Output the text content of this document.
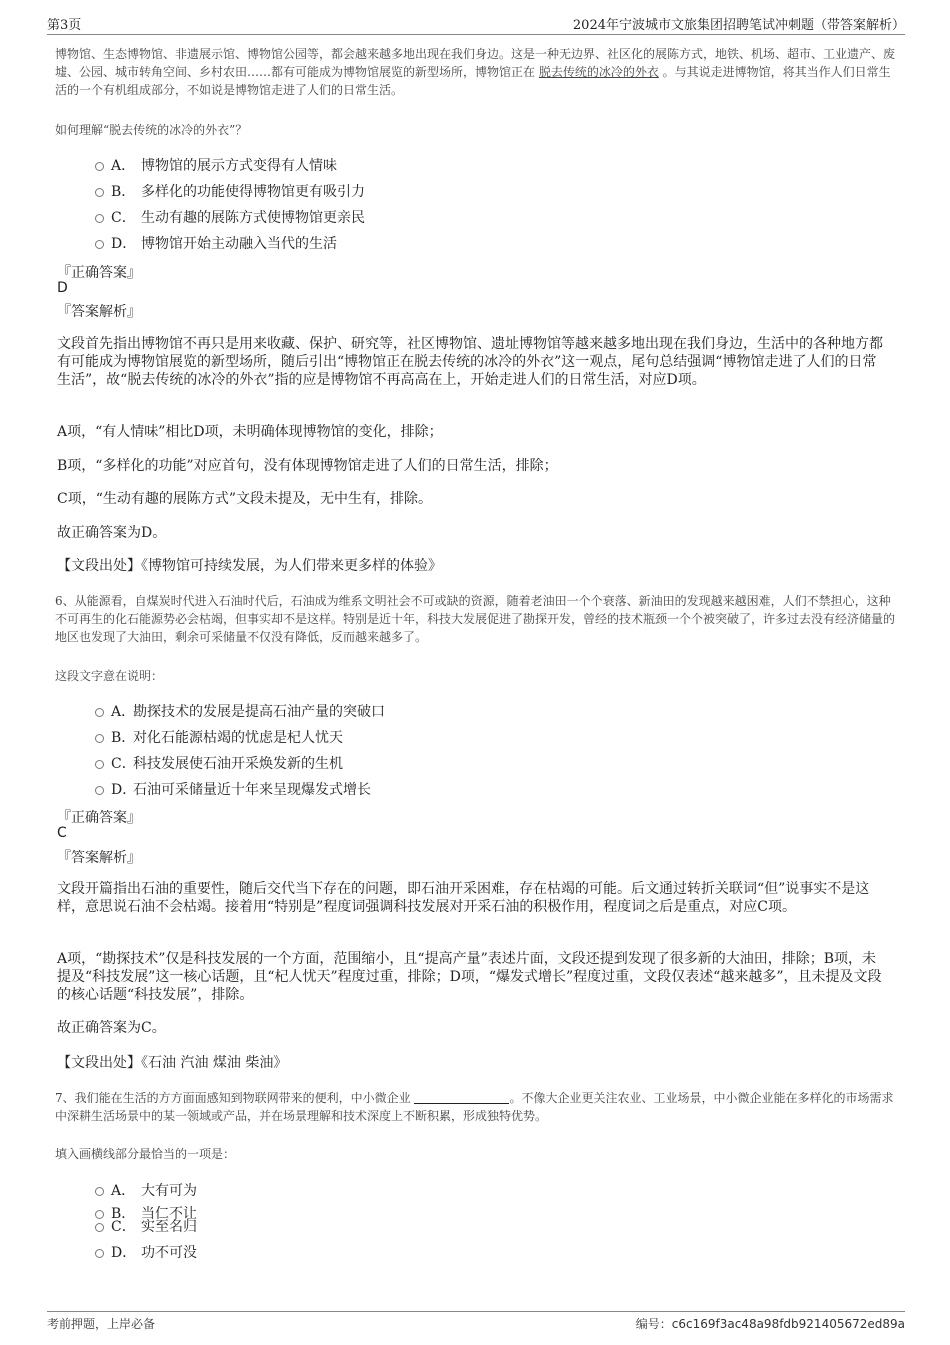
第3页	2024年宁波城市文旅集团招聘笔试冲刺题（带答案解析）

博物馆、生态博物馆、非遗展示馆、博物馆公园等，都会越来越多地出现在我们身边。这是一种无边界、社区化的展陈方式，地铁、机场、超市、工业遗产、废墟、公园、城市转角空间、乡村农田……都有可能成为博物馆展览的新型场所，博物馆正在 脱去传统的冰冷的外衣 。与其说走进博物馆，将其当作人们日常生活的一个有机组成部分，不如说是博物馆走进了人们的日常生活。

如何理解“脱去传统的冰冷的外衣”？
A． 博物馆的展示方式变得有人情味
B． 多样化的功能使得博物馆更有吸引力
C． 生动有趣的展陈方式使博物馆更亲民
D． 博物馆开始主动融入当代的生活
『正确答案』
D
『答案解析』

文段首先指出博物馆不再只是用来收藏、保护、研究等，社区博物馆、遗址博物馆等越来越多地出现在我们身边，生活中的各种地方都有可能成为博物馆展览的新型场所，随后引出“博物馆正在脱去传统的冰冷的外衣”这一观点，尾句总结强调“博物馆走进了人们的日常生活”，故“脱去传统的冰冷的外衣”指的应是博物馆不再高高在上，开始走进人们的日常生活，对应D项。

A项，“有人情味”相比D项，未明确体现博物馆的变化，排除；

B项，“多样化的功能”对应首句，没有体现博物馆走进了人们的日常生活，排除；

C项，“生动有趣的展陈方式”文段未提及，无中生有，排除。

故正确答案为D。

【文段出处】《博物馆可持续发展，为人们带来更多样的体验》

6、从能源看，自煤炭时代进入石油时代后，石油成为维系文明社会不可或缺的资源，随着老油田一个个衰落、新油田的发现越来越困难，人们不禁担心，这种不可再生的化石能源势必会枯竭，但事实却不是这样。特别是近十年，科技大发展促进了勘探开发，曾经的技术瓶颈一个个被突破了，许多过去没有经济储量的地区也发现了大油田，剩余可采储量不仅没有降低，反而越来越多了。

这段文字意在说明：
A．勘探技术的发展是提高石油产量的突破口
B．对化石能源枯竭的忧虑是杞人忧天
C．科技发展使石油开采焕发新的生机
D．石油可采储量近十年来呈现爆发式增长
『正确答案』
C
『答案解析』

文段开篇指出石油的重要性，随后交代当下存在的问题，即石油开采困难，存在枯竭的可能。后文通过转折关联词“但”说事实不是这样，意思说石油不会枯竭。接着用“特别是”程度词强调科技发展对开采石油的积极作用，程度词之后是重点，对应C项。

A项，“勘探技术”仅是科技发展的一个方面，范围缩小，且“提高产量”表述片面，文段还提到发现了很多新的大油田，排除；B项，未提及“科技发展”这一核心话题，且“杞人忧天”程度过重，排除；D项，“爆发式增长”程度过重，文段仅表述“越来越多”，且未提及文段的核心话题“科技发展”，排除。

故正确答案为C。

【文段出处】《石油 汽油 煤油 柴油》

7、我们能在生活的方方面面感知到物联网带来的便利，中小微企业	。不像大企业更关注农业、工业场景，中小微企业能在多样化的市场需求中深耕生活场景中的某一领域或产品，并在场景理解和技术深度上不断积累，形成独特优势。

填入画横线部分最恰当的一项是：
A． 大有可为
B． 当仁不让
C． 实至名归
D． 功不可没
考前押题，上岸必备	编号：c6c169f3ac48a98fdb921405672ed89a
